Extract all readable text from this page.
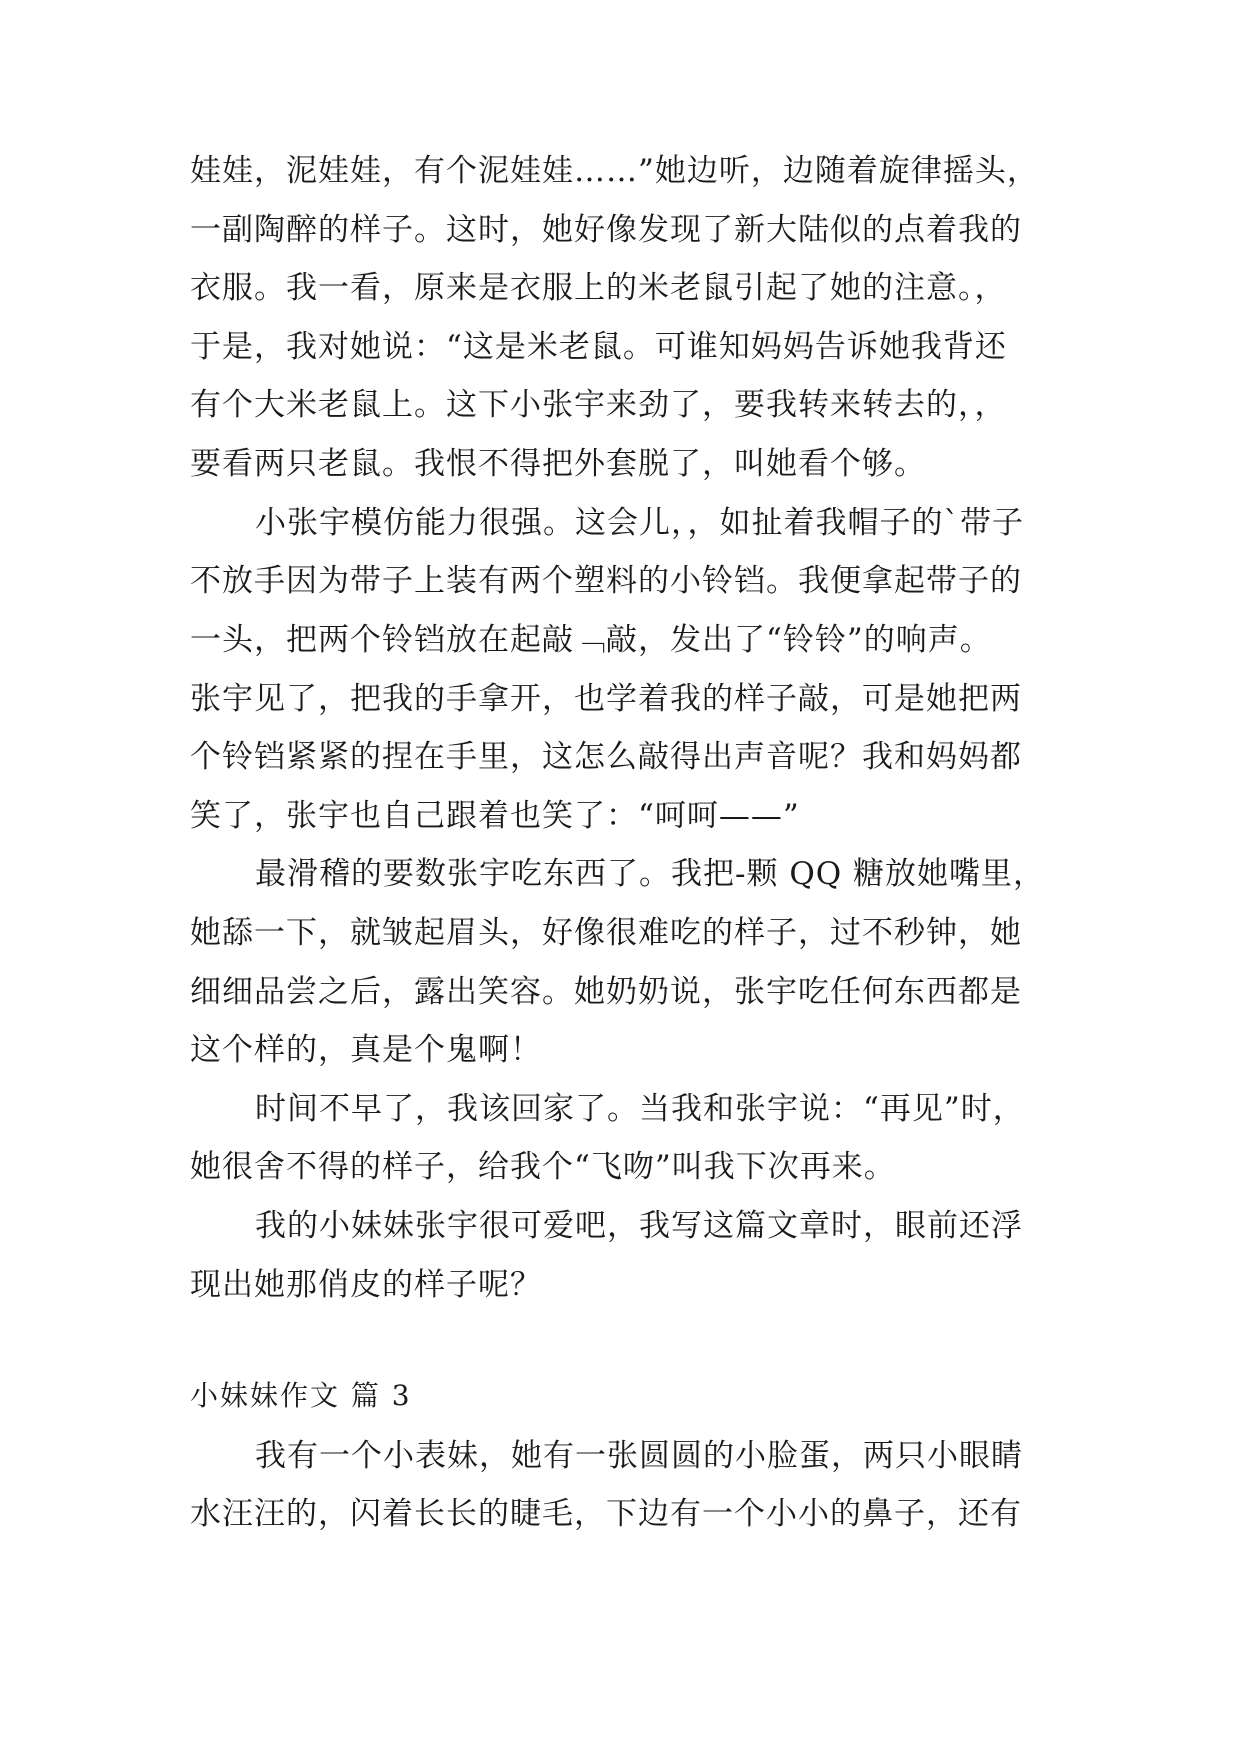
娃娃，泥娃娃，有个泥娃娃……”她边听，边随着旋律摇头，
一副陶醉的样子。这时，她好像发现了新大陆似的点着我的
衣服。我一看，原来是衣服上的米老鼠引起了她的注意。，
于是，我对她说：“这是米老鼠。可谁知妈妈告诉她我背还
有个大米老鼠上。这下小张宇来劲了，要我转来转去的，，
要看两只老鼠。我恨不得把外套脱了，叫她看个够。
小张宇模仿能力很强。这会儿，，如扯着我帽子的`带子
不放手因为带子上装有两个塑料的小铃铛。我便拿起带子的
一头，把两个铃铛放在起敲﹁敲，发出了“铃铃”的响声。
张宇见了，把我的手拿开，也学着我的样子敲，可是她把两
个铃铛紧紧的捏在手里，这怎么敲得出声音呢？我和妈妈都
笑了，张宇也自己跟着也笑了：“呵呵——”
最滑稽的要数张宇吃东西了。我把-颗 QQ 糖放她嘴里，
她舔一下，就皱起眉头，好像很难吃的样子，过不秒钟，她
细细品尝之后，露出笑容。她奶奶说，张宇吃任何东西都是
这个样的，真是个鬼啊！
时间不早了，我该回家了。当我和张宇说：“再见”时，
她很舍不得的样子，给我个“飞吻”叫我下次再来。
我的小妹妹张宇很可爱吧，我写这篇文章时，眼前还浮
现出她那俏皮的样子呢？
小妹妹作文 篇 3
我有一个小表妹，她有一张圆圆的小脸蛋，两只小眼睛
水汪汪的，闪着长长的睫毛，下边有一个小小的鼻子，还有
